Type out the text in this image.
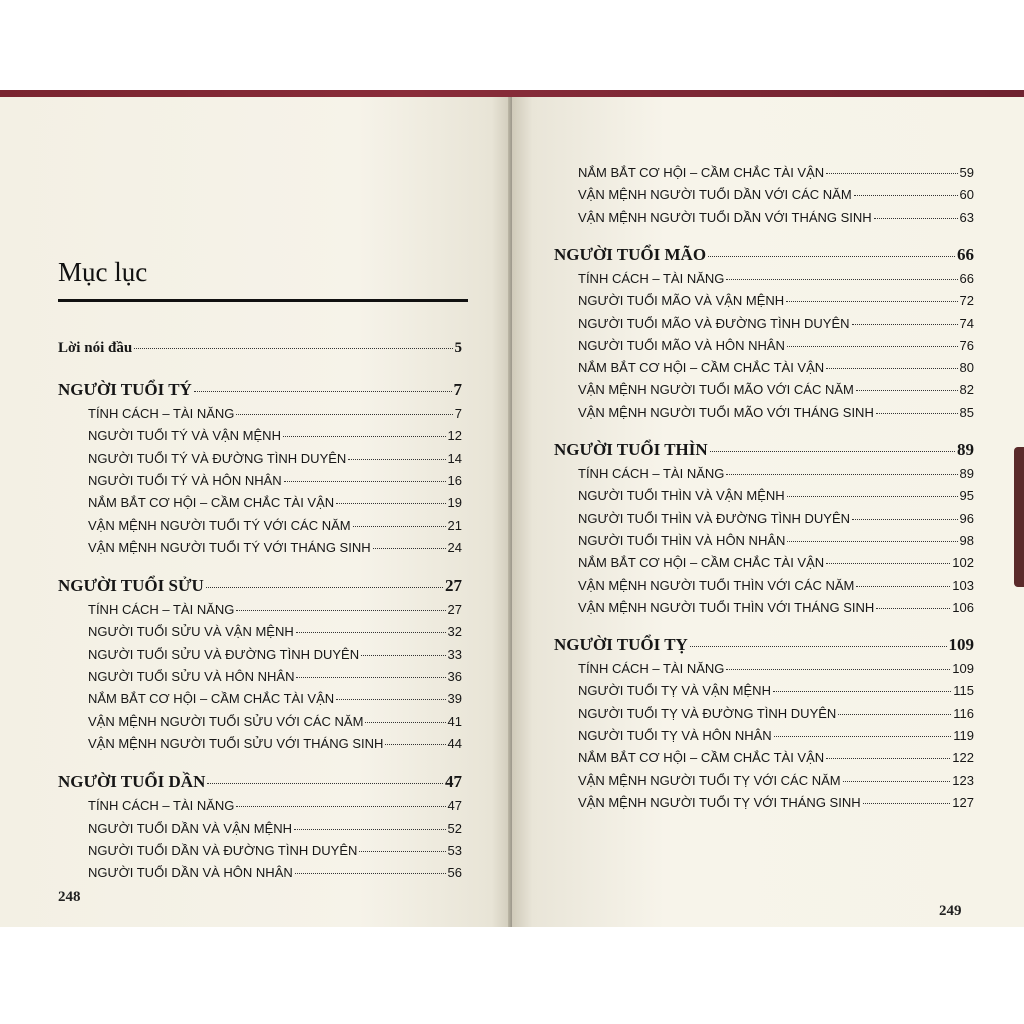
Mục lục
Lời nói đầu	5
NGƯỜI TUỔI TÝ	7
TÍNH CÁCH – TÀI NĂNG	7
NGƯỜI TUỔI TÝ VÀ VẬN MỆNH	12
NGƯỜI TUỔI TÝ VÀ ĐƯỜNG TÌNH DUYÊN	14
NGƯỜI TUỔI TÝ VÀ HÔN NHÂN	16
NẮM BẮT CƠ HỘI – CẦM CHẮC TÀI VẬN	19
VẬN MỆNH NGƯỜI TUỔI TÝ VỚI CÁC NĂM	21
VẬN MỆNH NGƯỜI TUỔI TÝ VỚI THÁNG SINH	24
NGƯỜI TUỔI SỬU	27
TÍNH CÁCH – TÀI NĂNG	27
NGƯỜI TUỔI SỬU VÀ VẬN MỆNH	32
NGƯỜI TUỔI SỬU VÀ ĐƯỜNG TÌNH DUYÊN	33
NGƯỜI TUỔI SỬU VÀ HÔN NHÂN	36
NẮM BẮT CƠ HỘI – CẦM CHẮC TÀI VẬN	39
VẬN MỆNH NGƯỜI TUỔI SỬU VỚI CÁC NĂM	41
VẬN MỆNH NGƯỜI TUỔI SỬU VỚI THÁNG SINH	44
NGƯỜI TUỔI DẦN	47
TÍNH CÁCH – TÀI NĂNG	47
NGƯỜI TUỔI DẦN VÀ VẬN MỆNH	52
NGƯỜI TUỔI DẦN VÀ ĐƯỜNG TÌNH DUYÊN	53
NGƯỜI TUỔI DẦN VÀ HÔN NHÂN	56
248
NẮM BẮT CƠ HỘI – CẦM CHẮC TÀI VẬN	59
VẬN MỆNH NGƯỜI TUỔI DẦN VỚI CÁC NĂM	60
VẬN MỆNH NGƯỜI TUỔI DẦN VỚI THÁNG SINH	63
NGƯỜI TUỔI MÃO	66
TÍNH CÁCH – TÀI NĂNG	66
NGƯỜI TUỔI MÃO VÀ VẬN MỆNH	72
NGƯỜI TUỔI MÃO VÀ ĐƯỜNG TÌNH DUYÊN	74
NGƯỜI TUỔI MÃO VÀ HÔN NHÂN	76
NẮM BẮT CƠ HỘI – CẦM CHẮC TÀI VẬN	80
VẬN MỆNH NGƯỜI TUỔI MÃO VỚI CÁC NĂM	82
VẬN MỆNH NGƯỜI TUỔI MÃO VỚI THÁNG SINH	85
NGƯỜI TUỔI THÌN	89
TÍNH CÁCH – TÀI NĂNG	89
NGƯỜI TUỔI THÌN VÀ VẬN MỆNH	95
NGƯỜI TUỔI THÌN VÀ ĐƯỜNG TÌNH DUYÊN	96
NGƯỜI TUỔI THÌN VÀ HÔN NHÂN	98
NẮM BẮT CƠ HỘI – CẦM CHẮC TÀI VẬN	102
VẬN MỆNH NGƯỜI TUỔI THÌN VỚI CÁC NĂM	103
VẬN MỆNH NGƯỜI TUỔI THÌN VỚI THÁNG SINH	106
NGƯỜI TUỔI TỴ	109
TÍNH CÁCH – TÀI NĂNG	109
NGƯỜI TUỔI TỴ VÀ VẬN MỆNH	115
NGƯỜI TUỔI TỴ VÀ ĐƯỜNG TÌNH DUYÊN	116
NGƯỜI TUỔI TỴ VÀ HÔN NHÂN	119
NẮM BẮT CƠ HỘI – CẦM CHẮC TÀI VẬN	122
VẬN MỆNH NGƯỜI TUỔI TỴ VỚI CÁC NĂM	123
VẬN MỆNH NGƯỜI TUỔI TỴ VỚI THÁNG SINH	127
249
